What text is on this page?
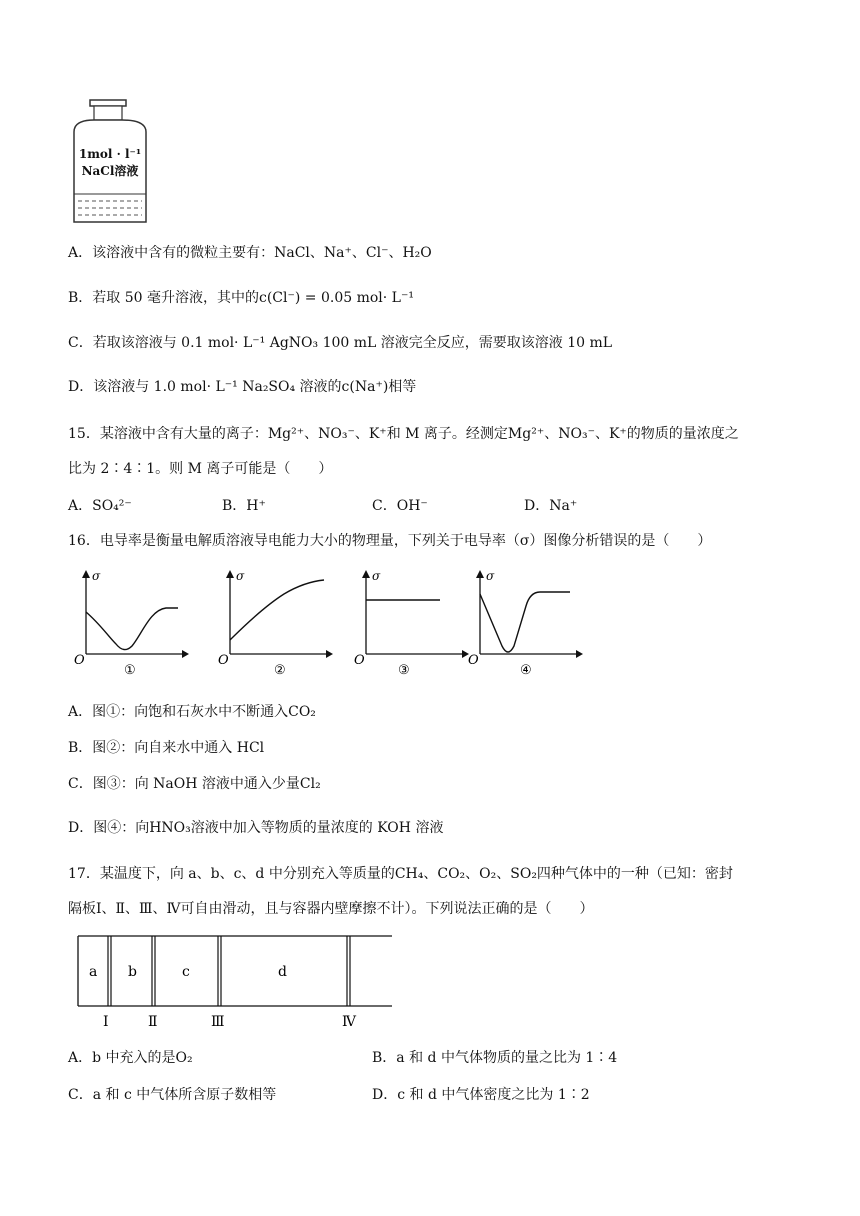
1mol · l⁻¹
NaCl溶液
A．该溶液中含有的微粒主要有：NaCl、Na⁺、Cl⁻、H₂O
B．若取 50 毫升溶液，其中的c(Cl⁻) = 0.05 mol· L⁻¹
C．若取该溶液与 0.1 mol· L⁻¹ AgNO₃ 100 mL 溶液完全反应，需要取该溶液 10 mL
D．该溶液与 1.0 mol· L⁻¹ Na₂SO₄ 溶液的c(Na⁺)相等
15．某溶液中含有大量的离子：Mg²⁺、NO₃⁻、K⁺和 M 离子。经测定Mg²⁺、NO₃⁻、K⁺的物质的量浓度之
比为 2∶4∶1。则 M 离子可能是（　　）
A．SO₄²⁻	B．H⁺	C．OH⁻	D．Na⁺
16．电导率是衡量电解质溶液导电能力大小的物理量，下列关于电导率（σ）图像分析错误的是（　　）
σ
O
①
σ
O
②
σ
O
③
σ
O
④
A．图①：向饱和石灰水中不断通入CO₂
B．图②：向自来水中通入 HCl
C．图③：向 NaOH 溶液中通入少量Cl₂
D．图④：向HNO₃溶液中加入等物质的量浓度的 KOH 溶液
17．某温度下，向 a、b、c、d 中分别充入等质量的CH₄、CO₂、O₂、SO₂四种气体中的一种（已知：密封
隔板Ⅰ、Ⅱ、Ⅲ、Ⅳ可自由滑动，且与容器内壁摩擦不计）。下列说法正确的是（　　）
a b	c	d
Ⅰ	Ⅱ	Ⅲ	Ⅳ
A．b 中充入的是O₂	B．a 和 d 中气体物质的量之比为 1∶4
C．a 和 c 中气体所含原子数相等	D．c 和 d 中气体密度之比为 1∶2
